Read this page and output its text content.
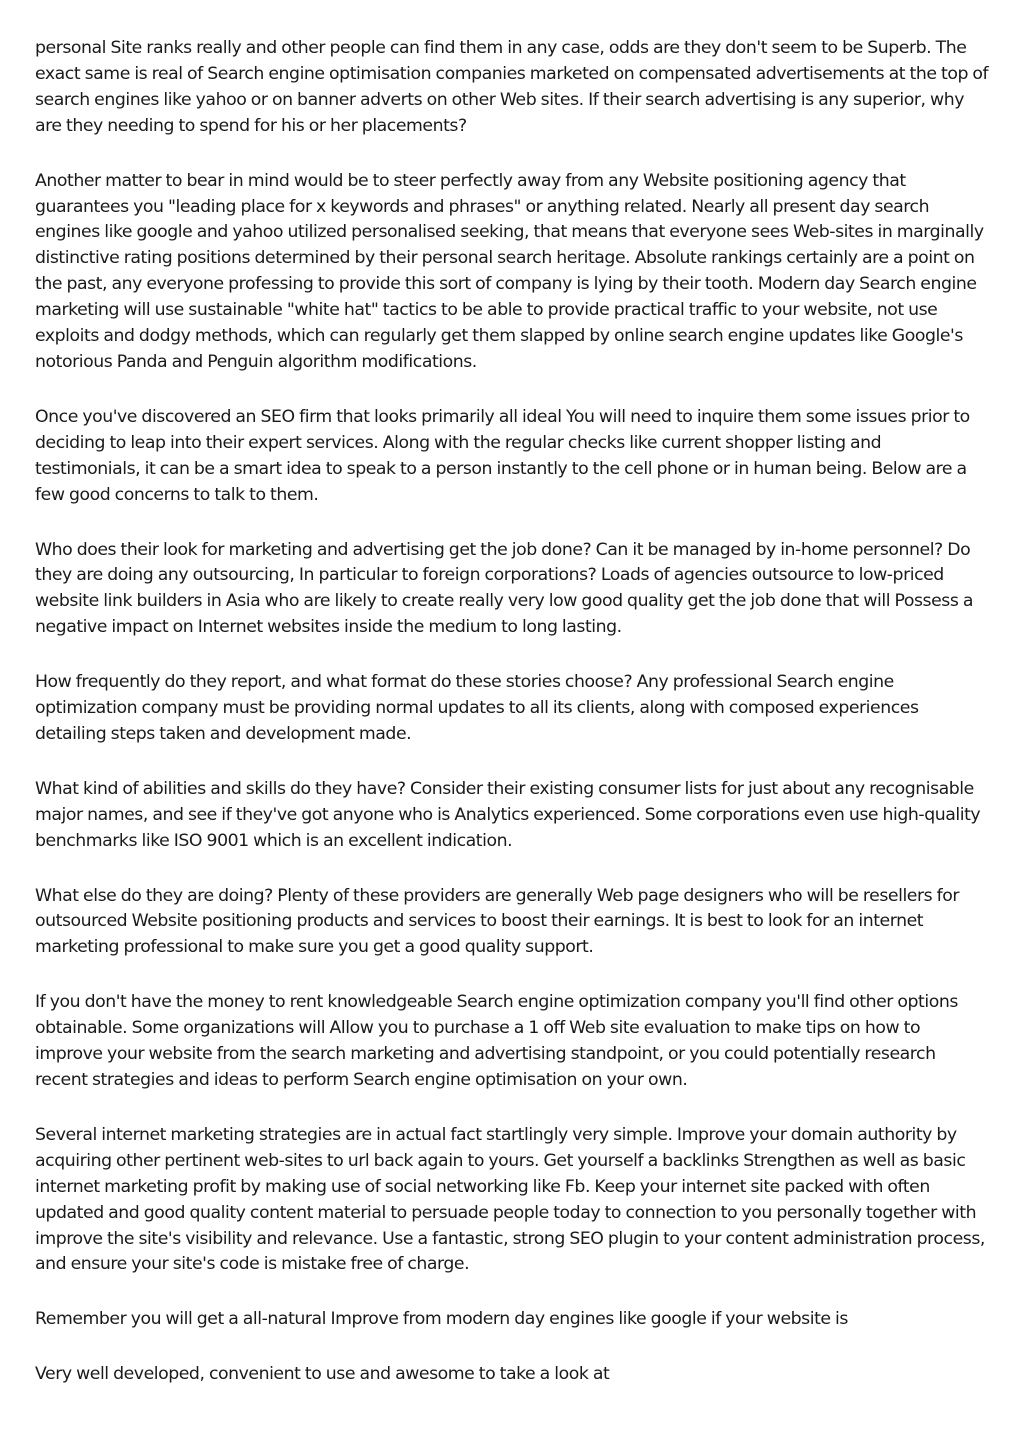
personal Site ranks really and other people can find them in any case, odds are they don't seem to be Superb. The exact same is real of Search engine optimisation companies marketed on compensated advertisements at the top of search engines like yahoo or on banner adverts on other Web sites. If their search advertising is any superior, why are they needing to spend for his or her placements?

Another matter to bear in mind would be to steer perfectly away from any Website positioning agency that guarantees you "leading place for x keywords and phrases" or anything related. Nearly all present day search engines like google and yahoo utilized personalised seeking, that means that everyone sees Web-sites in marginally distinctive rating positions determined by their personal search heritage. Absolute rankings certainly are a point on the past, any everyone professing to provide this sort of company is lying by their tooth. Modern day Search engine marketing will use sustainable "white hat" tactics to be able to provide practical traffic to your website, not use exploits and dodgy methods, which can regularly get them slapped by online search engine updates like Google's notorious Panda and Penguin algorithm modifications.

Once you've discovered an SEO firm that looks primarily all ideal You will need to inquire them some issues prior to deciding to leap into their expert services. Along with the regular checks like current shopper listing and testimonials, it can be a smart idea to speak to a person instantly to the cell phone or in human being. Below are a few good concerns to talk to them.

Who does their look for marketing and advertising get the job done? Can it be managed by in-home personnel? Do they are doing any outsourcing, In particular to foreign corporations? Loads of agencies outsource to low-priced website link builders in Asia who are likely to create really very low good quality get the job done that will Possess a negative impact on Internet websites inside the medium to long lasting.

How frequently do they report, and what format do these stories choose? Any professional Search engine optimization company must be providing normal updates to all its clients, along with composed experiences detailing steps taken and development made.

What kind of abilities and skills do they have? Consider their existing consumer lists for just about any recognisable major names, and see if they've got anyone who is Analytics experienced. Some corporations even use high-quality benchmarks like ISO 9001 which is an excellent indication.

What else do they are doing? Plenty of these providers are generally Web page designers who will be resellers for outsourced Website positioning products and services to boost their earnings. It is best to look for an internet marketing professional to make sure you get a good quality support.

If you don't have the money to rent knowledgeable Search engine optimization company you'll find other options obtainable. Some organizations will Allow you to purchase a 1 off Web site evaluation to make tips on how to improve your website from the search marketing and advertising standpoint, or you could potentially research recent strategies and ideas to perform Search engine optimisation on your own.

Several internet marketing strategies are in actual fact startlingly very simple. Improve your domain authority by acquiring other pertinent web-sites to url back again to yours. Get yourself a backlinks Strengthen as well as basic internet marketing profit by making use of social networking like Fb. Keep your internet site packed with often updated and good quality content material to persuade people today to connection to you personally together with improve the site's visibility and relevance. Use a fantastic, strong SEO plugin to your content administration process, and ensure your site's code is mistake free of charge.

Remember you will get a all-natural Improve from modern day engines like google if your website is

Very well developed, convenient to use and awesome to take a look at
